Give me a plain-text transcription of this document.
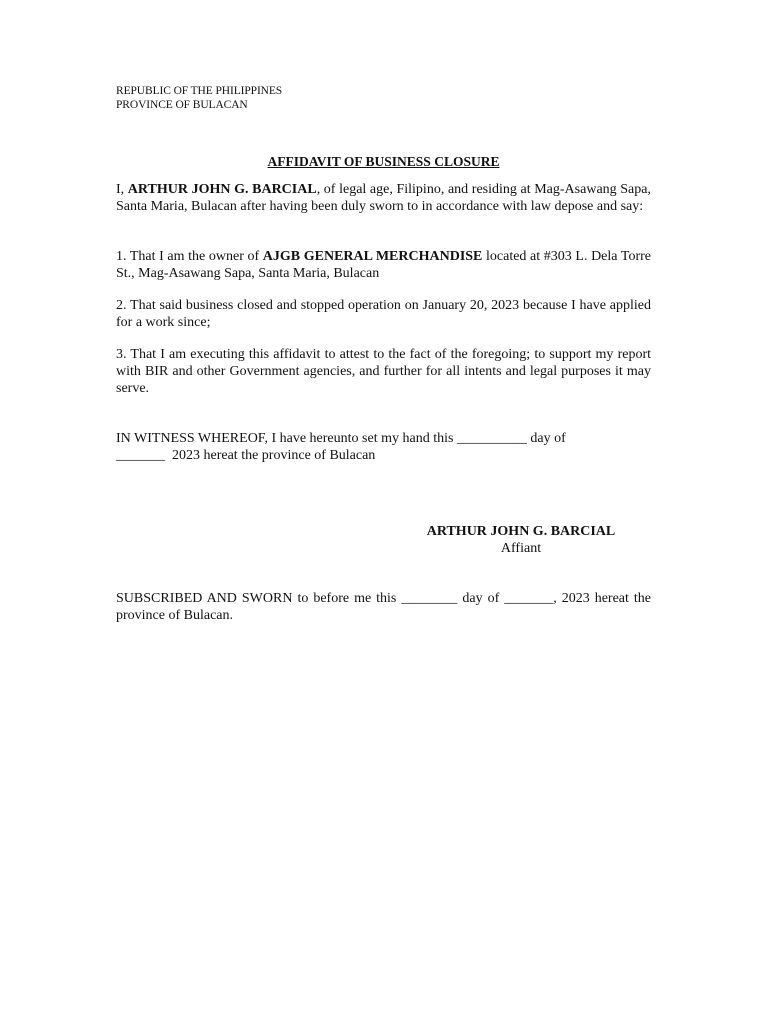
REPUBLIC OF THE PHILIPPINES
PROVINCE OF BULACAN
AFFIDAVIT OF BUSINESS CLOSURE

I, ARTHUR JOHN G. BARCIAL, of legal age, Filipino, and residing at Mag-Asawang Sapa, Santa Maria, Bulacan after having been duly sworn to in accordance with law depose and say:

1. That I am the owner of AJGB GENERAL MERCHANDISE located at #303 L. Dela Torre St., Mag-Asawang Sapa, Santa Maria, Bulacan

2. That said business closed and stopped operation on January 20, 2023 because I have applied for a work since;

3. That I am executing this affidavit to attest to the fact of the foregoing; to support my report with BIR and other Government agencies, and further for all intents and legal purposes it may serve.

IN WITNESS WHEREOF, I have hereunto set my hand this __________ day of
_______  2023 hereat the province of Bulacan

ARTHUR JOHN G. BARCIAL
Affiant

SUBSCRIBED AND SWORN to before me this ________ day of _______, 2023 hereat the province of Bulacan.
